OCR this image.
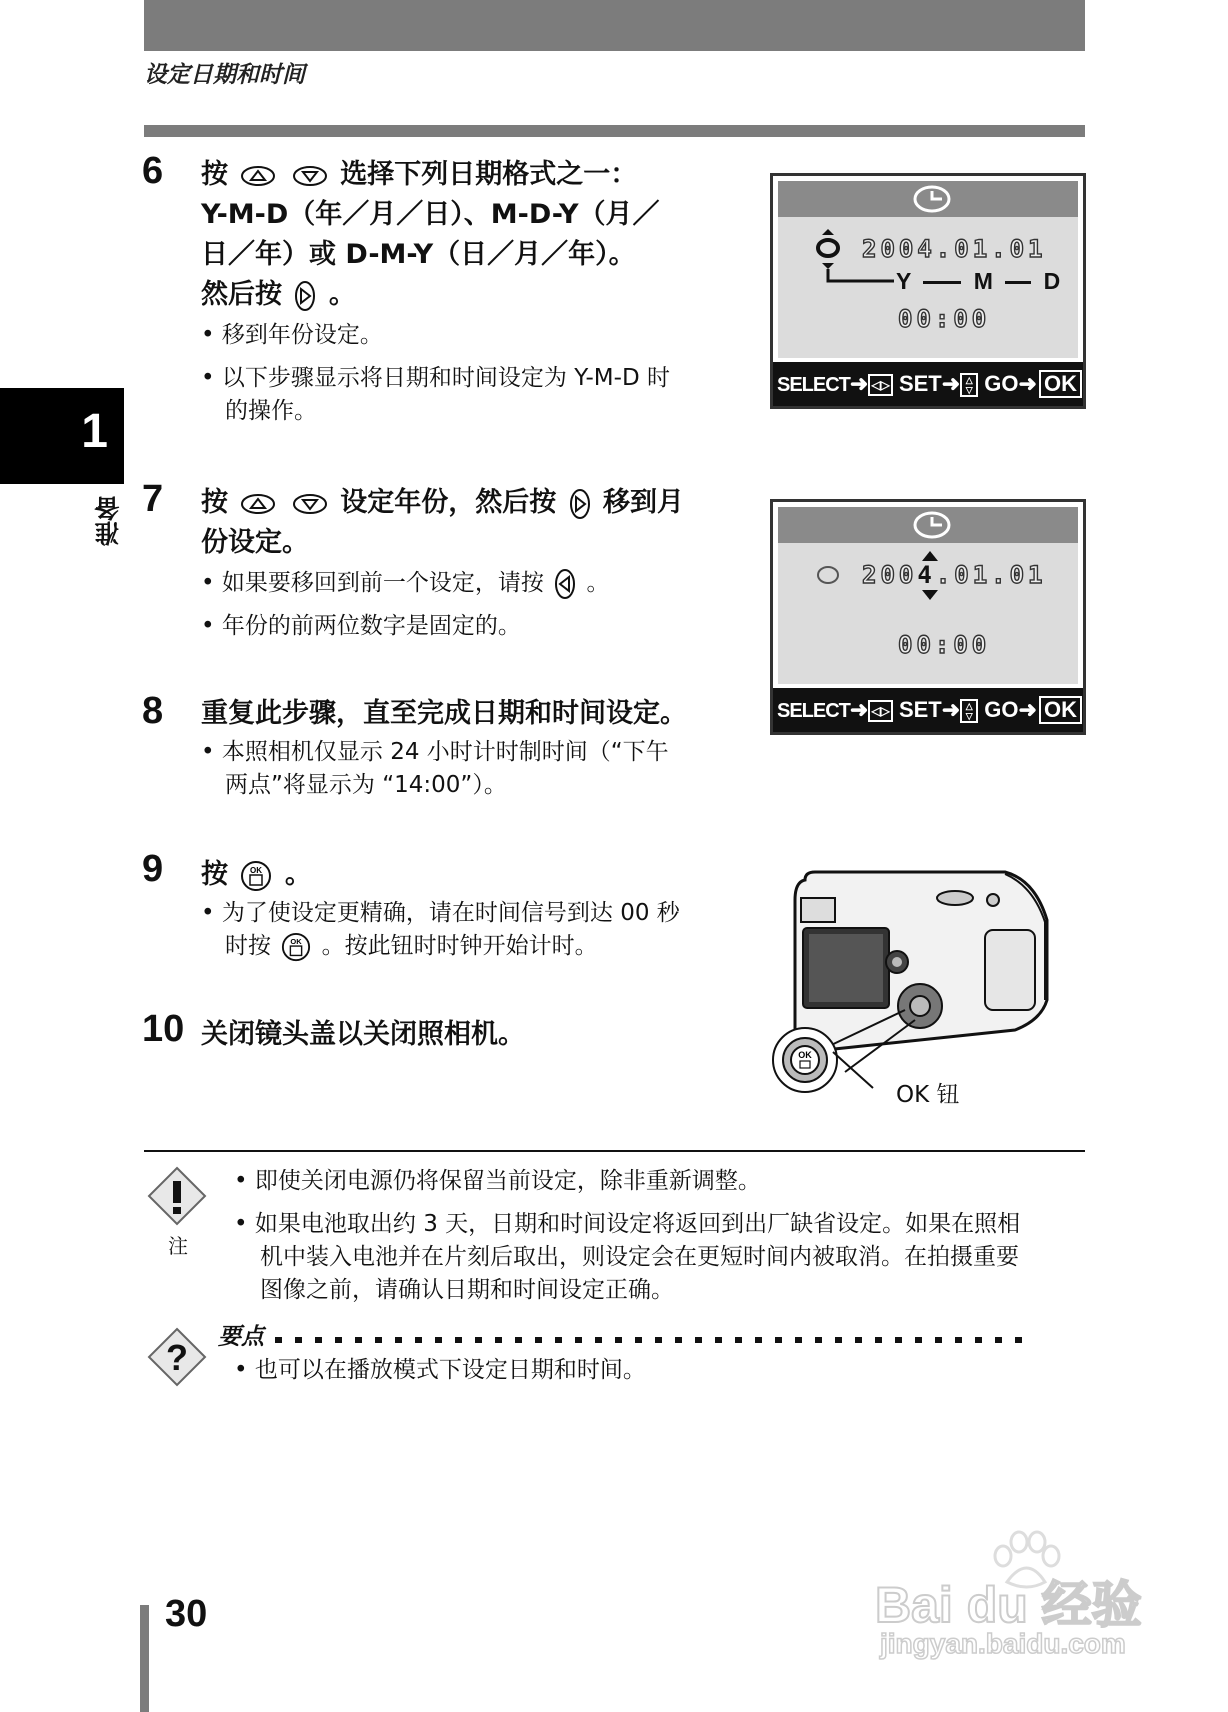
设定日期和时间
1
准备
6 按	选择下列日期格式之一：
Y-M-D（年／月／日）、M-D-Y（月／
日／年）或 D-M-Y（日／月／年）。
然后按 。
• 移到年份设定。
• 以下步骤显示将日期和时间设定为 Y-M-D 时
的操作。
2004.01.01
Y	M D
00:00
SELECT➜ ◁▷ SET➜ △
▽ GO➜ OK
7 按	设定年份，然后按 移到月
份设定。
• 如果要移回到前一个设定，请按 。
• 年份的前两位数字是固定的。
2004.01.01
00:00
SELECT➜ ◁▷ SET➜ △
▽ GO➜ OK
8 重复此步骤，直至完成日期和时间设定。
• 本照相机仅显示 24 小时计时制时间（“下午
两点”将显示为 “14:00”）。
9 按	OK 。
• 为了使设定更精确，请在时间信号到达 00 秒
时按 OK 。按此钮时时钟开始计时。
10 关闭镜头盖以关闭照相机。
OK
OK 钮
注
• 即使关闭电源仍将保留当前设定，除非重新调整。
• 如果电池取出约 3 天，日期和时间设定将返回到出厂缺省设定。如果在照相
机中装入电池并在片刻后取出，则设定会在更短时间内被取消。在拍摄重要
图像之前，请确认日期和时间设定正确。
? 要点
• 也可以在播放模式下设定日期和时间。
30	Bai du 经验
jingyan.baidu.com
